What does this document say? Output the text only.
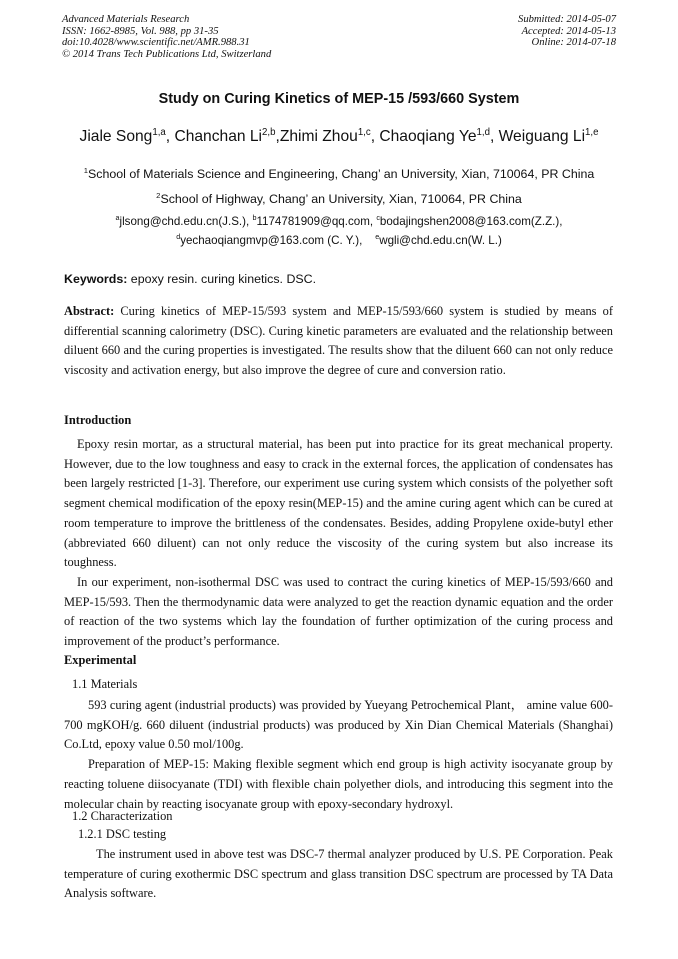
Advanced Materials Research
ISSN: 1662-8985, Vol. 988, pp 31-35
doi:10.4028/www.scientific.net/AMR.988.31
© 2014 Trans Tech Publications Ltd, Switzerland
Submitted: 2014-05-07
Accepted: 2014-05-13
Online: 2014-07-18
Study on Curing Kinetics of MEP-15 /593/660 System
Jiale Song$^{1,a}$, Chanchan Li$^{2,b}$,Zhimi Zhou$^{1,c}$, Chaoqiang Ye$^{1,d}$, Weiguang Li$^{1,e}$
$^1$School of Materials Science and Engineering, Chang’ an University, Xian, 710064, PR China
$^2$School of Highway, Chang’ an University, Xian, 710064, PR China
$^a$jlsong@chd.edu.cn(J.S.), $^b$1174781909@qq.com, $^c$bodajingshen2008@163.com(Z.Z.),
$^d$yechaoqiangmvp@163.com (C. Y.),    $^e$wgli@chd.edu.cn(W. L.)
Keywords: epoxy resin. curing kinetics. DSC.

Abstract: Curing kinetics of MEP-15/593 system and MEP-15/593/660 system is studied by means of differential scanning calorimetry (DSC). Curing kinetic parameters are evaluated and the relationship between diluent 660 and the curing properties is investigated. The results show that the diluent 660 can not only reduce viscosity and activation energy, but also improve the degree of cure and conversion ratio.

Introduction

Epoxy resin mortar, as a structural material, has been put into practice for its great mechanical property. However, due to the low toughness and easy to crack in the external forces, the application of condensates has been largely restricted [1-3]. Therefore, our experiment use curing system which consists of the polyether soft segment chemical modification of the epoxy resin(MEP-15) and the amine curing agent which can be cured at room temperature to improve the brittleness of the condensates. Besides, adding Propylene oxide-butyl ether (abbreviated 660 diluent) can not only reduce the viscosity of the curing system but also increase its toughness.

In our experiment, non-isothermal DSC was used to contract the curing kinetics of MEP-15/593/660 and MEP-15/593. Then the thermodynamic data were analyzed to get the reaction dynamic equation and the order of reaction of the two systems which lay the foundation of further optimization of the curing process and improvement of the product’s performance.

Experimental
1.1 Materials

593 curing agent (industrial products) was provided by Yueyang Petrochemical Plant， amine value 600-700 mgKOH/g. 660 diluent (industrial products) was produced by Xin Dian Chemical Materials (Shanghai) Co.Ltd, epoxy value 0.50 mol/100g.

Preparation of MEP-15: Making flexible segment which end group is high activity isocyanate group by reacting toluene diisocyanate (TDI) with flexible chain polyether diols, and introducing this segment into the molecular chain by reacting isocyanate group with epoxy-secondary hydroxyl.

1.2 Characterization
1.2.1 DSC testing

The instrument used in above test was DSC-7 thermal analyzer produced by U.S. PE Corporation. Peak temperature of curing exothermic DSC spectrum and glass transition DSC spectrum are processed by TA Data Analysis software.
